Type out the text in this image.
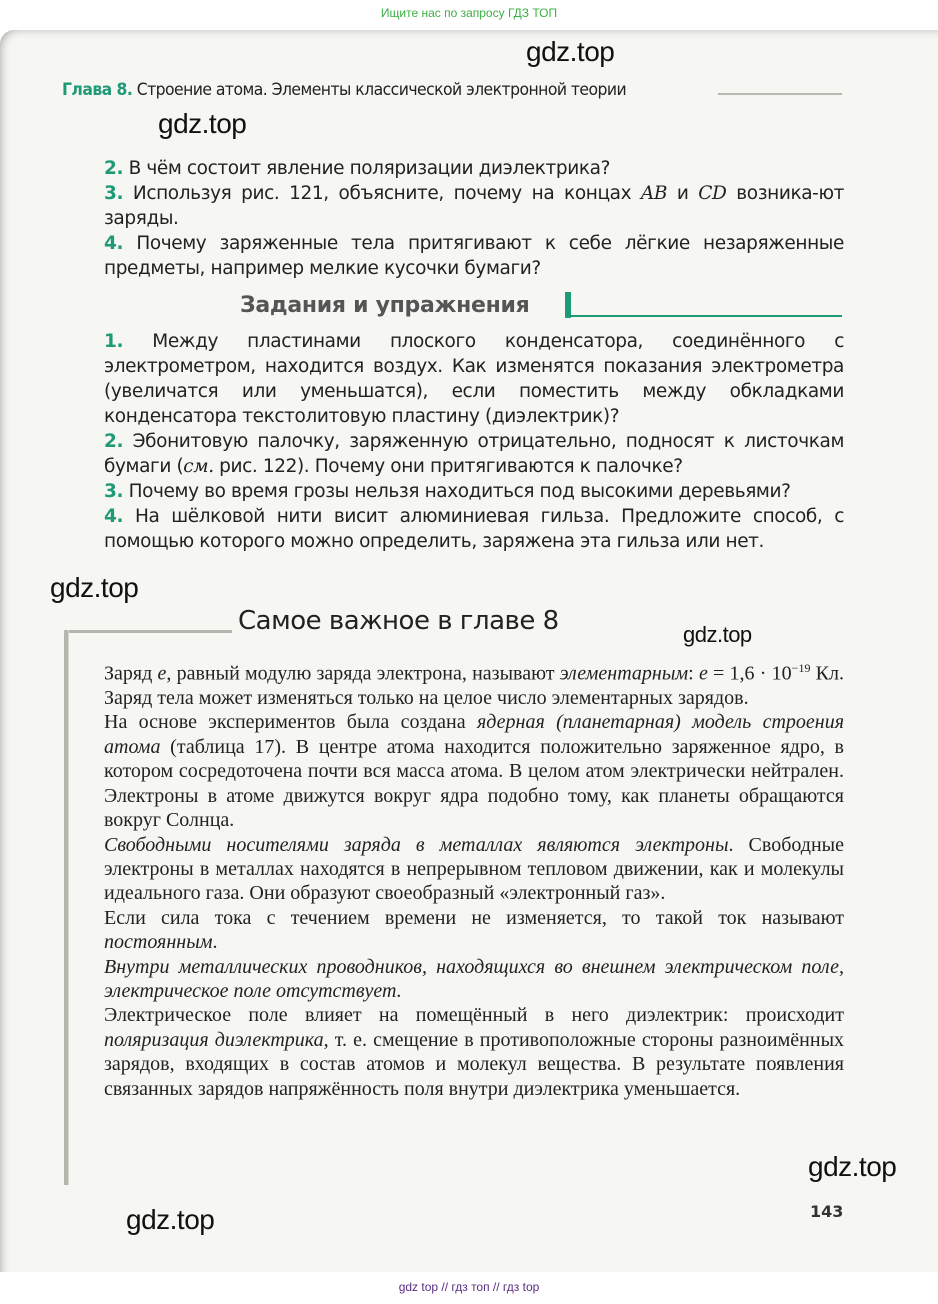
Ищите нас по запросу ГДЗ ТОП
gdz.top
gdz.top
gdz.top
gdz.top
gdz.top
gdz.top
Глава 8. Строение атома. Элементы классической электронной теории

2. В чём состоит явление поляризации диэлектрика?

3. Используя рис. 121, объясните, почему на концах AB и CD возника-ют заряды.

4. Почему заряженные тела притягивают к себе лёгкие незаряженные предметы, например мелкие кусочки бумаги?

Задания и упражнения

1. Между пластинами плоского конденсатора, соединённого с электрометром, находится воздух. Как изменятся показания электрометра (увеличатся или уменьшатся), если поместить между обкладками конденсатора текстолитовую пластину (диэлектрик)?

2. Эбонитовую палочку, заряженную отрицательно, подносят к листочкам бумаги (см. рис. 122). Почему они притягиваются к палочке?

3. Почему во время грозы нельзя находиться под высокими деревьями?

4. На шёлковой нити висит алюминиевая гильза. Предложите способ, с помощью которого можно определить, заряжена эта гильза или нет.

Самое важное в главе 8

Заряд e, равный модулю заряда электрона, называют элементарным: $e = 1,6 \cdot 10^{-19}$ Кл. Заряд тела может изменяться только на целое число элементарных зарядов.

На основе экспериментов была создана ядерная (планетарная) модель строения атома (таблица 17). В центре атома находится положительно заряженное ядро, в котором сосредоточена почти вся масса атома. В целом атом электрически нейтрален. Электроны в атоме движутся вокруг ядра подобно тому, как планеты обращаются вокруг Солнца.

Свободными носителями заряда в металлах являются электроны. Свободные электроны в металлах находятся в непрерывном тепловом движении, как и молекулы идеального газа. Они образуют своеобразный «электронный газ».

Если сила тока с течением времени не изменяется, то такой ток называют постоянным.

Внутри металлических проводников, находящихся во внешнем электрическом поле, электрическое поле отсутствует.

Электрическое поле влияет на помещённый в него диэлектрик: происходит поляризация диэлектрика, т. е. смещение в противоположные стороны разноимённых зарядов, входящих в состав атомов и молекул вещества. В результате появления связанных зарядов напряжённость поля внутри диэлектрика уменьшается.

143
gdz top // гдз топ // гдз top
